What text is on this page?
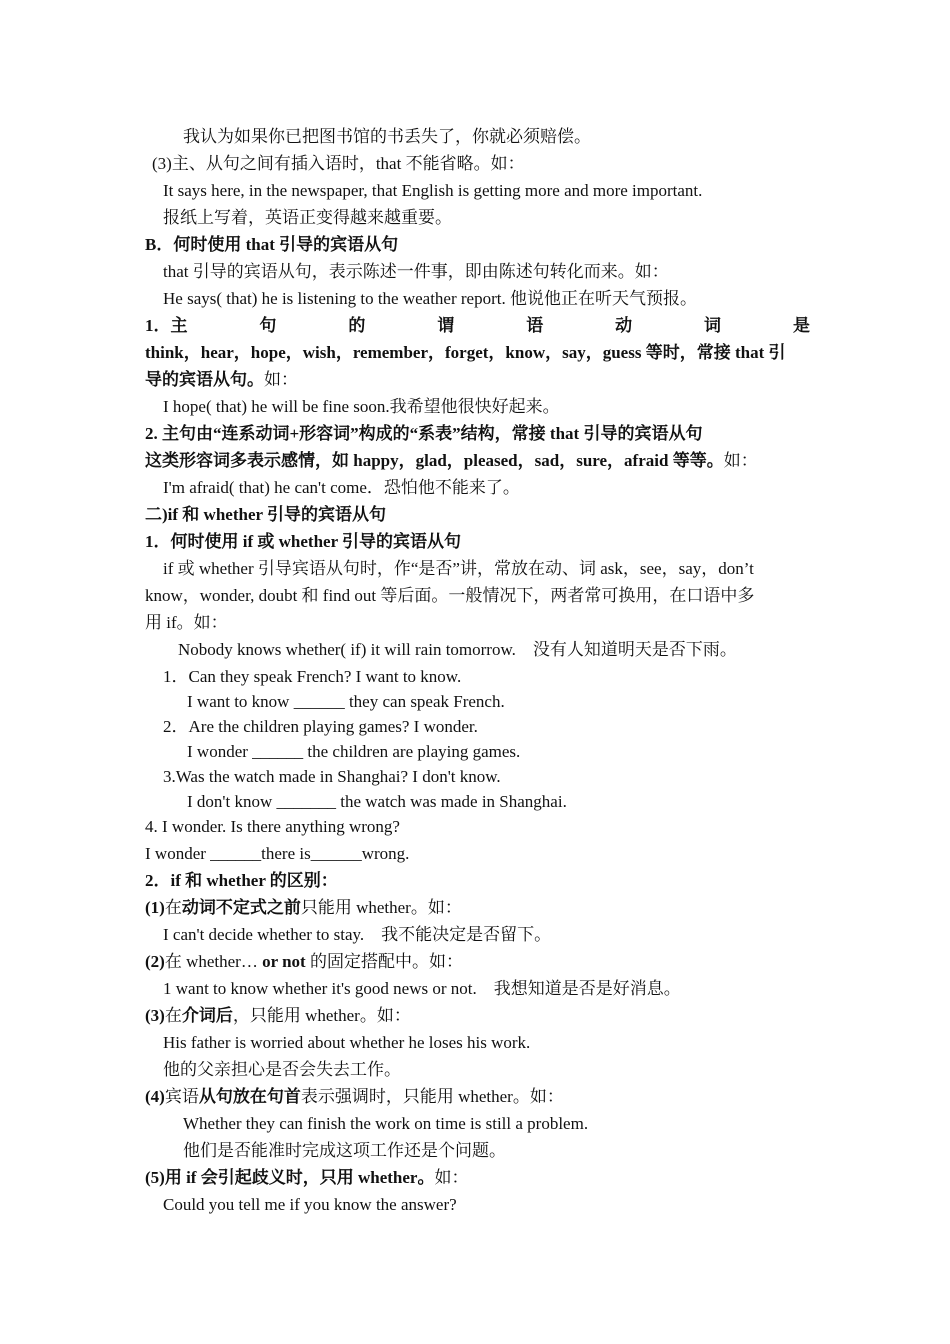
我认为如果你已把图书馆的书丢失了，你就必须赔偿。
(3)主、从句之间有插入语时，that 不能省略。如：
It says here, in the newspaper, that English is getting more and more important.
报纸上写着，英语正变得越来越重要。
B．何时使用 that 引导的宾语从句
that 引导的宾语从句，表示陈述一件事，即由陈述句转化而来。如：
He says( that) he is listening to the weather report. 他说他正在听天气预报。
1．主	句	的	谓	语	动	词	是
think，hear，hope，wish，remember，forget，know，say，guess 等时，常接 that 引
导的宾语从句。如：
I hope( that) he will be fine soon.我希望他很快好起来。
2. 主句由“连系动词+形容词”构成的“系表”结构，常接 that 引导的宾语从句
这类形容词多表示感情，如 happy，glad，pleased，sad，sure，afraid 等等。如：
I'm afraid( that) he can't come．恐怕他不能来了。
二)if 和 whether 引导的宾语从句
1．何时使用 if 或 whether 引导的宾语从句
if 或 whether 引导宾语从句时，作“是否”讲，常放在动、词 ask，see，say，don’t
know，wonder, doubt 和 find out 等后面。一般情况下，两者常可换用，在口语中多
用 if。如：
Nobody knows whether( if) it will rain tomorrow.　没有人知道明天是否下雨。
1．Can they speak French? I want to know.
I want to know ______ they can speak French.
2．Are the children playing games? I wonder.
I wonder ______ the children are playing games.
3.Was the watch made in Shanghai? I don't know.
I don't know _______ the watch was made in Shanghai.
4. I wonder. Is there anything wrong?
I wonder ______there is______wrong.
2．if 和 whether 的区别：
(1)在动词不定式之前只能用 whether。如：
I can't decide whether to stay.　我不能决定是否留下。
(2)在 whether… or not 的固定搭配中。如：
1 want to know whether it's good news or not.　我想知道是否是好消息。
(3)在介词后，只能用 whether。如：
His father is worried about whether he loses his work.
他的父亲担心是否会失去工作。
(4)宾语从句放在句首表示强调时，只能用 whether。如：
Whether they can finish the work on time is still a problem.
他们是否能准时完成这项工作还是个问题。
(5)用 if 会引起歧义时，只用 whether。如：
Could you tell me if you know the answer?
